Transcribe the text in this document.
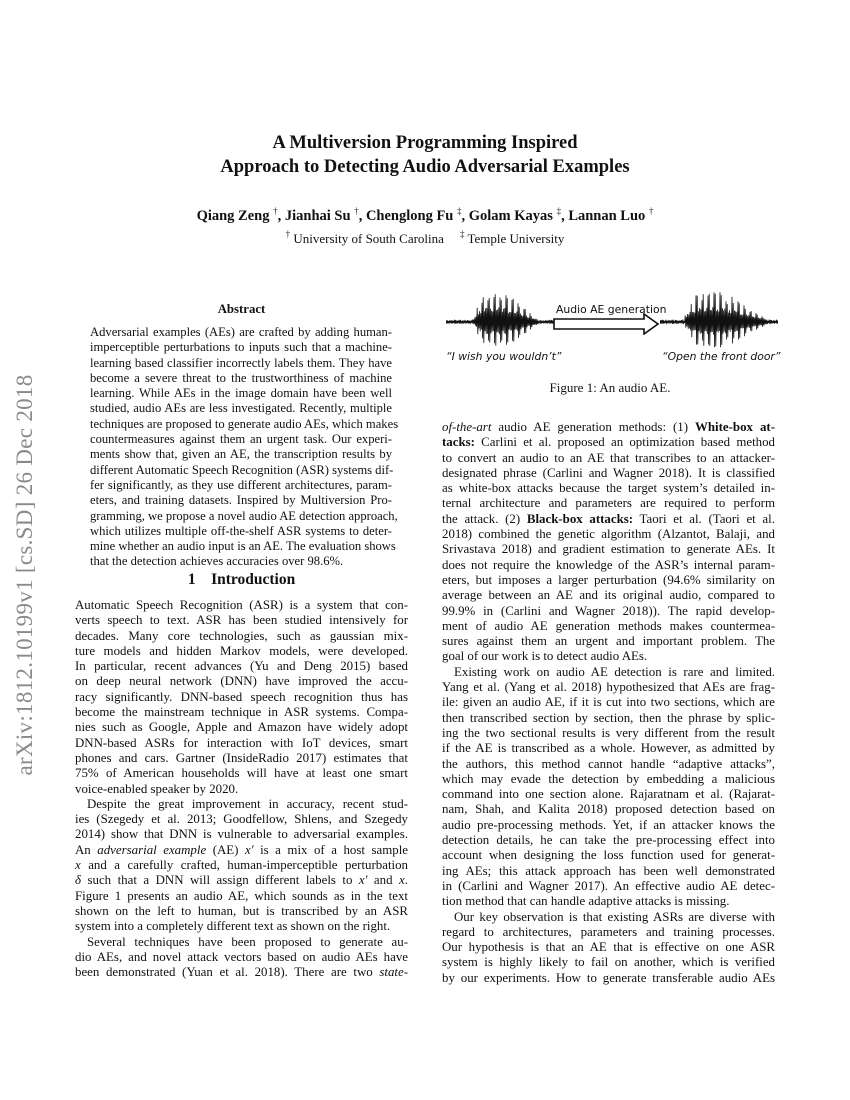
arXiv:1812.10199v1 [cs.SD] 26 Dec 2018
A Multiversion Programming Inspired
Approach to Detecting Audio Adversarial Examples
Qiang Zeng †, Jianhai Su †, Chenglong Fu ‡, Golam Kayas ‡, Lannan Luo †
† University of South Carolina ‡ Temple University
Abstract
Adversarial examples (AEs) are crafted by adding human-
imperceptible perturbations to inputs such that a machine-
learning based classifier incorrectly labels them. They have
become a severe threat to the trustworthiness of machine
learning. While AEs in the image domain have been well
studied, audio AEs are less investigated. Recently, multiple
techniques are proposed to generate audio AEs, which makes
countermeasures against them an urgent task. Our experi-
ments show that, given an AE, the transcription results by
different Automatic Speech Recognition (ASR) systems dif-
fer significantly, as they use different architectures, param-
eters, and training datasets. Inspired by Multiversion Pro-
gramming, we propose a novel audio AE detection approach,
which utilizes multiple off-the-shelf ASR systems to deter-
mine whether an audio input is an AE. The evaluation shows
that the detection achieves accuracies over 98.6%.
1    Introduction
Automatic Speech Recognition (ASR) is a system that con-
verts speech to text. ASR has been studied intensively for
decades. Many core technologies, such as gaussian mix-
ture models and hidden Markov models, were developed.
In particular, recent advances (Yu and Deng 2015) based
on deep neural network (DNN) have improved the accu-
racy significantly. DNN-based speech recognition thus has
become the mainstream technique in ASR systems. Compa-
nies such as Google, Apple and Amazon have widely adopt
DNN-based ASRs for interaction with IoT devices, smart
phones and cars. Gartner (InsideRadio 2017) estimates that
75% of American households will have at least one smart
voice-enabled speaker by 2020.
Despite the great improvement in accuracy, recent stud-
ies (Szegedy et al. 2013; Goodfellow, Shlens, and Szegedy
2014) show that DNN is vulnerable to adversarial examples.
An adversarial example (AE) x′ is a mix of a host sample
x and a carefully crafted, human-imperceptible perturbation
δ such that a DNN will assign different labels to x′ and x.
Figure 1 presents an audio AE, which sounds as in the text
shown on the left to human, but is transcribed by an ASR
system into a completely different text as shown on the right.
Several techniques have been proposed to generate au-
dio AEs, and novel attack vectors based on audio AEs have
been demonstrated (Yuan et al. 2018). There are two state-
of-the-art audio AE generation methods: (1) White-box at-
tacks: Carlini et al. proposed an optimization based method
to convert an audio to an AE that transcribes to an attacker-
designated phrase (Carlini and Wagner 2018). It is classified
as white-box attacks because the target system’s detailed in-
ternal architecture and parameters are required to perform
the attack. (2) Black-box attacks: Taori et al. (Taori et al.
2018) combined the genetic algorithm (Alzantot, Balaji, and
Srivastava 2018) and gradient estimation to generate AEs. It
does not require the knowledge of the ASR’s internal param-
eters, but imposes a larger perturbation (94.6% similarity on
average between an AE and its original audio, compared to
99.9% in (Carlini and Wagner 2018)). The rapid develop-
ment of audio AE generation methods makes countermea-
sures against them an urgent and important problem. The
goal of our work is to detect audio AEs.
Existing work on audio AE detection is rare and limited.
Yang et al. (Yang et al. 2018) hypothesized that AEs are frag-
ile: given an audio AE, if it is cut into two sections, which are
then transcribed section by section, then the phrase by splic-
ing the two sectional results is very different from the result
if the AE is transcribed as a whole. However, as admitted by
the authors, this method cannot handle “adaptive attacks”,
which may evade the detection by embedding a malicious
command into one section alone. Rajaratnam et al. (Rajarat-
nam, Shah, and Kalita 2018) proposed detection based on
audio pre-processing methods. Yet, if an attacker knows the
detection details, he can take the pre-processing effect into
account when designing the loss function used for generat-
ing AEs; this attack approach has been well demonstrated
in (Carlini and Wagner 2017). An effective audio AE detec-
tion method that can handle adaptive attacks is missing.
Our key observation is that existing ASRs are diverse with
regard to architectures, parameters and training processes.
Our hypothesis is that an AE that is effective on one ASR
system is highly likely to fail on another, which is verified
by our experiments. How to generate transferable audio AEs
Audio AE generation
“I wish you wouldn’t”	“Open the front door”
Figure 1: An audio AE.
